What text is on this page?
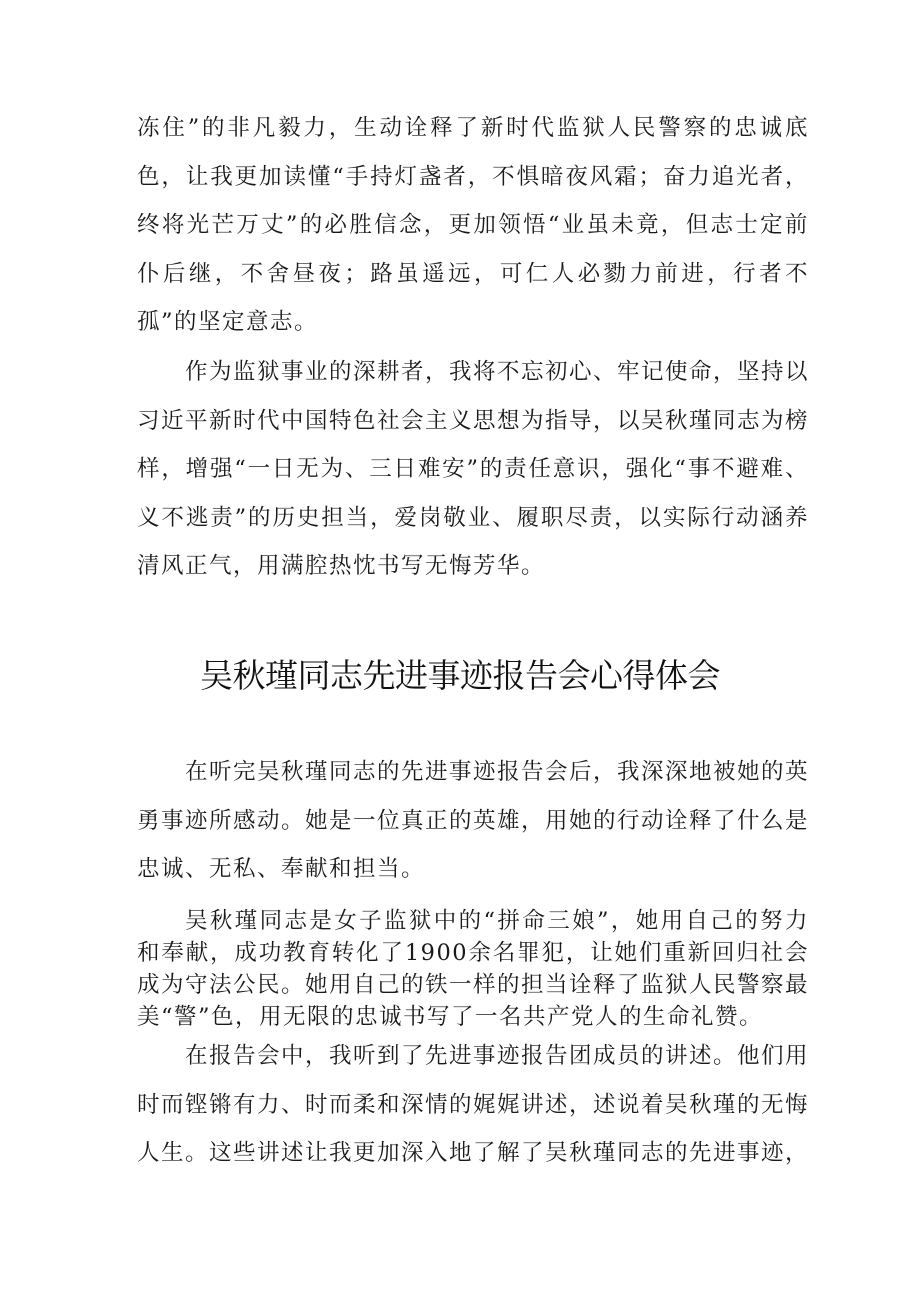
冻住”的非凡毅力，生动诠释了新时代监狱人民警察的忠诚底色，让我更加读懂“手持灯盏者，不惧暗夜风霜；奋力追光者，终将光芒万丈”的必胜信念，更加领悟“业虽未竟，但志士定前仆后继，不舍昼夜；路虽遥远，可仁人必勠力前进，行者不孤”的坚定意志。

作为监狱事业的深耕者，我将不忘初心、牢记使命，坚持以习近平新时代中国特色社会主义思想为指导，以吴秋瑾同志为榜样，增强“一日无为、三日难安”的责任意识，强化“事不避难、义不逃责”的历史担当，爱岗敬业、履职尽责，以实际行动涵养清风正气，用满腔热忱书写无悔芳华。

吴秋瑾同志先进事迹报告会心得体会

在听完吴秋瑾同志的先进事迹报告会后，我深深地被她的英勇事迹所感动。她是一位真正的英雄，用她的行动诠释了什么是忠诚、无私、奉献和担当。

吴秋瑾同志是女子监狱中的“拼命三娘”，她用自己的努力和奉献，成功教育转化了1900余名罪犯，让她们重新回归社会成为守法公民。她用自己的铁一样的担当诠释了监狱人民警察最美“警”色，用无限的忠诚书写了一名共产党人的生命礼赞。

在报告会中，我听到了先进事迹报告团成员的讲述。他们用时而铿锵有力、时而柔和深情的娓娓讲述，述说着吴秋瑾的无悔人生。这些讲述让我更加深入地了解了吴秋瑾同志的先进事迹，
